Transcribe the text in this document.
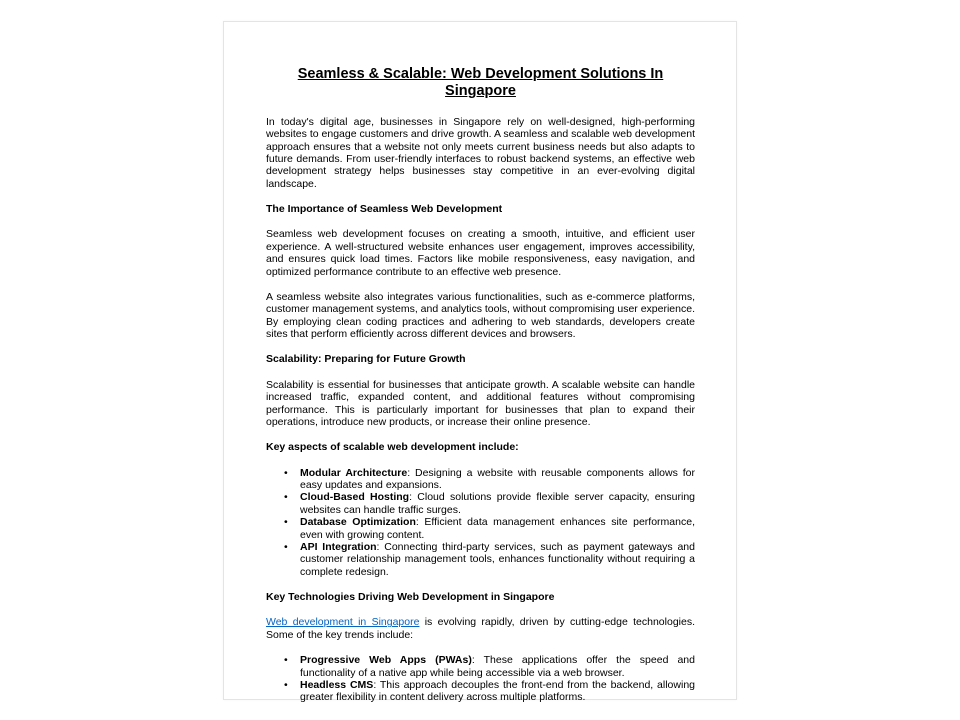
Seamless & Scalable: Web Development Solutions In Singapore

In today's digital age, businesses in Singapore rely on well-designed, high-performing websites to engage customers and drive growth. A seamless and scalable web development approach ensures that a website not only meets current business needs but also adapts to future demands. From user-friendly interfaces to robust backend systems, an effective web development strategy helps businesses stay competitive in an ever-evolving digital landscape.

The Importance of Seamless Web Development

Seamless web development focuses on creating a smooth, intuitive, and efficient user experience. A well-structured website enhances user engagement, improves accessibility, and ensures quick load times. Factors like mobile responsiveness, easy navigation, and optimized performance contribute to an effective web presence.

A seamless website also integrates various functionalities, such as e-commerce platforms, customer management systems, and analytics tools, without compromising user experience. By employing clean coding practices and adhering to web standards, developers create sites that perform efficiently across different devices and browsers.

Scalability: Preparing for Future Growth

Scalability is essential for businesses that anticipate growth. A scalable website can handle increased traffic, expanded content, and additional features without compromising performance. This is particularly important for businesses that plan to expand their operations, introduce new products, or increase their online presence.

Key aspects of scalable web development include:
• Modular Architecture: Designing a website with reusable components allows for easy updates and expansions.
• Cloud-Based Hosting: Cloud solutions provide flexible server capacity, ensuring websites can handle traffic surges.
• Database Optimization: Efficient data management enhances site performance, even with growing content.
• API Integration: Connecting third-party services, such as payment gateways and customer relationship management tools, enhances functionality without requiring a complete redesign.
Key Technologies Driving Web Development in Singapore

Web development in Singapore is evolving rapidly, driven by cutting-edge technologies. Some of the key trends include:

• Progressive Web Apps (PWAs): These applications offer the speed and functionality of a native app while being accessible via a web browser.
• Headless CMS: This approach decouples the front-end from the backend, allowing greater flexibility in content delivery across multiple platforms.
